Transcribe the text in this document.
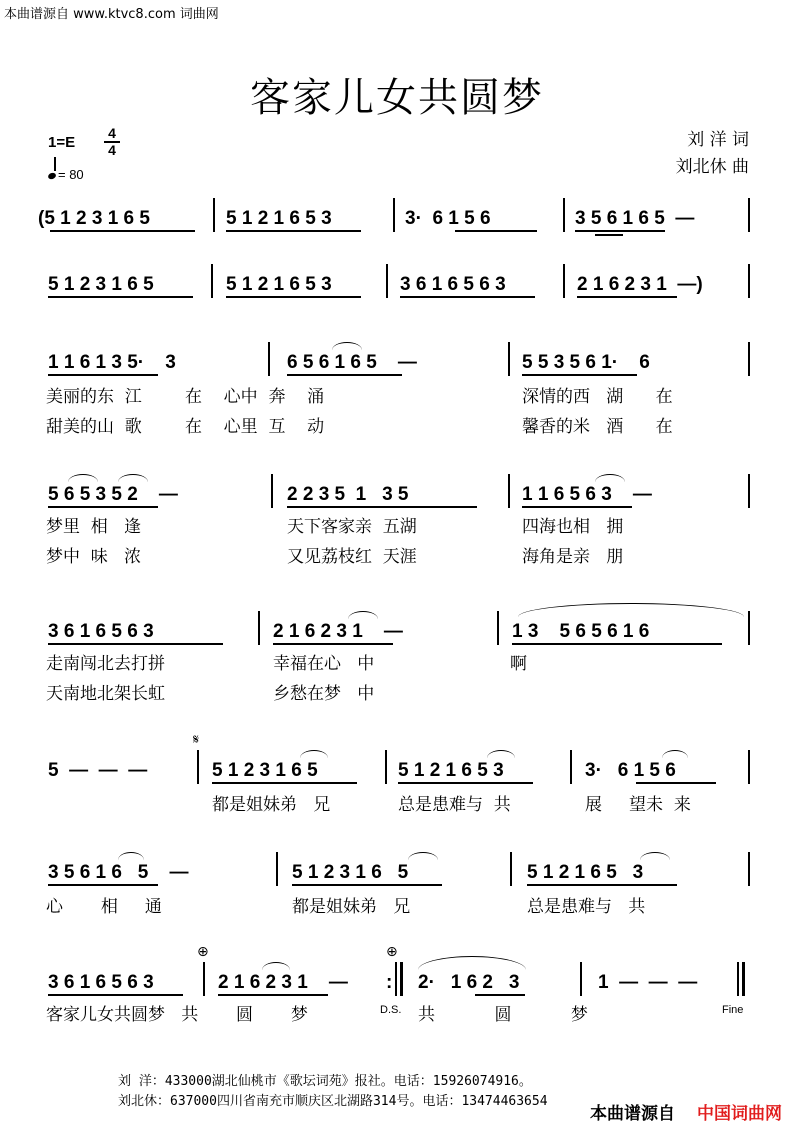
本曲谱源自 www.ktvc8.com 词曲网
客家儿女共圆梦
1=E
4
4
= 80
刘 洋 词
刘北休 曲
(5 1 2 3 1 6 5	5 1 2 1 6 5 3	3·  6 1 5 6	3 5 6 1 6 5  —
5 1 2 3 1 6 5	5 1 2 1 6 5 3	3 6 1 6 5 6 3	2 1 6 2 3 1  —)
1 1 6 1 3 5·    3	6 5 6 1 6 5    —	5 5 3 5 6 1·    6
美丽的东  江        在    心中  奔    涌	深情的西   湖      在
甜美的山  歌        在    心里  互    动	馨香的米   酒      在
5 6 5 3 5 2    —	2 2 3 5  1   3 5	1 1 6 5 6 3    —
梦里  相   逢	天下客家亲  五湖	四海也相   拥
梦中  味   浓	又见荔枝红  天涯	海角是亲   朋
3 6 1 6 5 6 3	2 1 6 2 3 1    —	1 3    5 6 5 6 1 6
走南闯北去打拼	幸福在心   中	啊
天南地北架长虹	乡愁在梦   中
𝄋
5  —  —  —	5 1 2 3 1 6 5	5 1 2 1 6 5 3	3·   6 1 5 6
都是姐妹弟   兄	总是患难与  共	展     望未  来
3 5 6 1 6   5    —	5 1 2 3 1 6   5	5 1 2 1 6 5   3
心       相     通	都是姐妹弟   兄	总是患难与   共
⊕	⊕
3 6 1 6 5 6 3	2 1 6 2 3 1    — : 2·   1 6 2   3	1  —  —  —
客家儿女共圆梦   共       圆       梦	D.S. 共           圆           梦	Fine
刘 洋：433000湖北仙桃市《歌坛词苑》报社。电话：15926074916。
刘北休：637000四川省南充市顺庆区北湖路314号。电话：13474463654
本曲谱源自 中国词曲网
